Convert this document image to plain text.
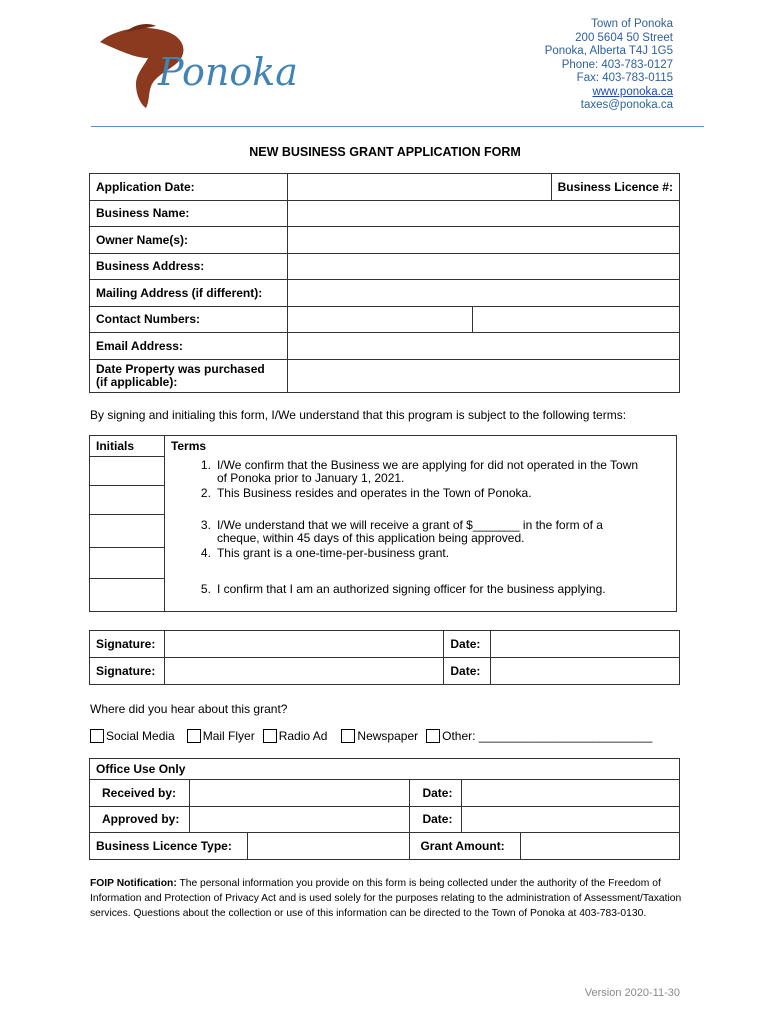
Ponoka
Town of Ponoka
200 5604 50 Street
Ponoka, Alberta T4J 1G5
Phone: 403-783-0127
Fax: 403-783-0115
www.ponoka.ca
taxes@ponoka.ca
NEW BUSINESS GRANT APPLICATION FORM
Application Date:			Business Licence #:
Business Name:			
Owner Name(s):			
Business Address:			
Mailing Address (if different):			
Contact Numbers:			
Email Address:			

Date Property was purchased
(if applicable):			

By signing and initialing this form, I/We understand that this program is subject to the following terms:
Initials	Terms

	1. I/We confirm that the Business we are applying for did not operated in the Town
of Ponoka prior to January 1, 2021.
2. This Business resides and operates in the Town of Ponoka.

	3. I/We understand that we will receive a grant of $_______ in the form of a
cheque, within 45 days of this application being approved.
4. This grant is a one-time-per-business grant.

	5. I confirm that I am an authorized signing officer for the business applying.
Signature:		Date:	
Signature:		Date:	
Where did you hear about this grant?
Social Media Mail Flyer Radio Ad	Newspaper Other: __________________________
Office Use Only					
Received by:			Date:		
Approved by:			Date:		
Business Licence Type:			Grant Amount:		
FOIP Notification: The personal information you provide on this form is being collected under the authority of the Freedom of Information and Protection of Privacy Act and is used solely for the purposes relating to the administration of Assessment/Taxation services. Questions about the collection or use of this information can be directed to the Town of Ponoka at 403-783-0130.
Version 2020-11-30
